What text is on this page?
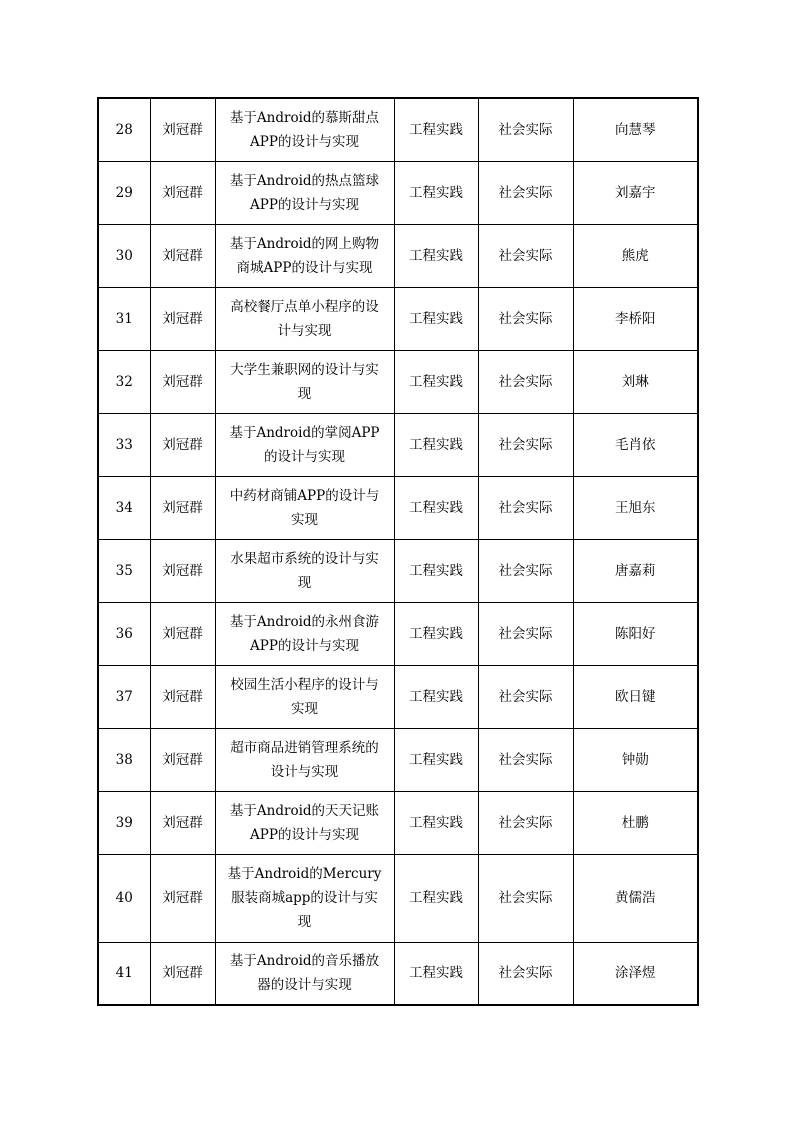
28	刘冠群	基于Android的慕斯甜点
APP的设计与实现	工程实践	社会实际	向慧琴
29	刘冠群	基于Android的热点篮球
APP的设计与实现	工程实践	社会实际	刘嘉宇
30	刘冠群	基于Android的网上购物
商城APP的设计与实现	工程实践	社会实际	熊虎
31	刘冠群	高校餐厅点单小程序的设
计与实现	工程实践	社会实际	李桥阳
32	刘冠群	大学生兼职网的设计与实
现	工程实践	社会实际	刘琳
33	刘冠群	基于Android的掌阅APP
的设计与实现	工程实践	社会实际	毛肖依
34	刘冠群	中药材商铺APP的设计与
实现	工程实践	社会实际	王旭东
35	刘冠群	水果超市系统的设计与实
现	工程实践	社会实际	唐嘉莉
36	刘冠群	基于Android的永州食游
APP的设计与实现	工程实践	社会实际	陈阳好
37	刘冠群	校园生活小程序的设计与
实现	工程实践	社会实际	欧日键
38	刘冠群	超市商品进销管理系统的
设计与实现	工程实践	社会实际	钟勋
39	刘冠群	基于Android的天天记账
APP的设计与实现	工程实践	社会实际	杜鹏
40	刘冠群	基于Android的Mercury
服装商城app的设计与实
现	工程实践	社会实际	黄儒浩
41	刘冠群	基于Android的音乐播放
器的设计与实现	工程实践	社会实际	涂泽煜
